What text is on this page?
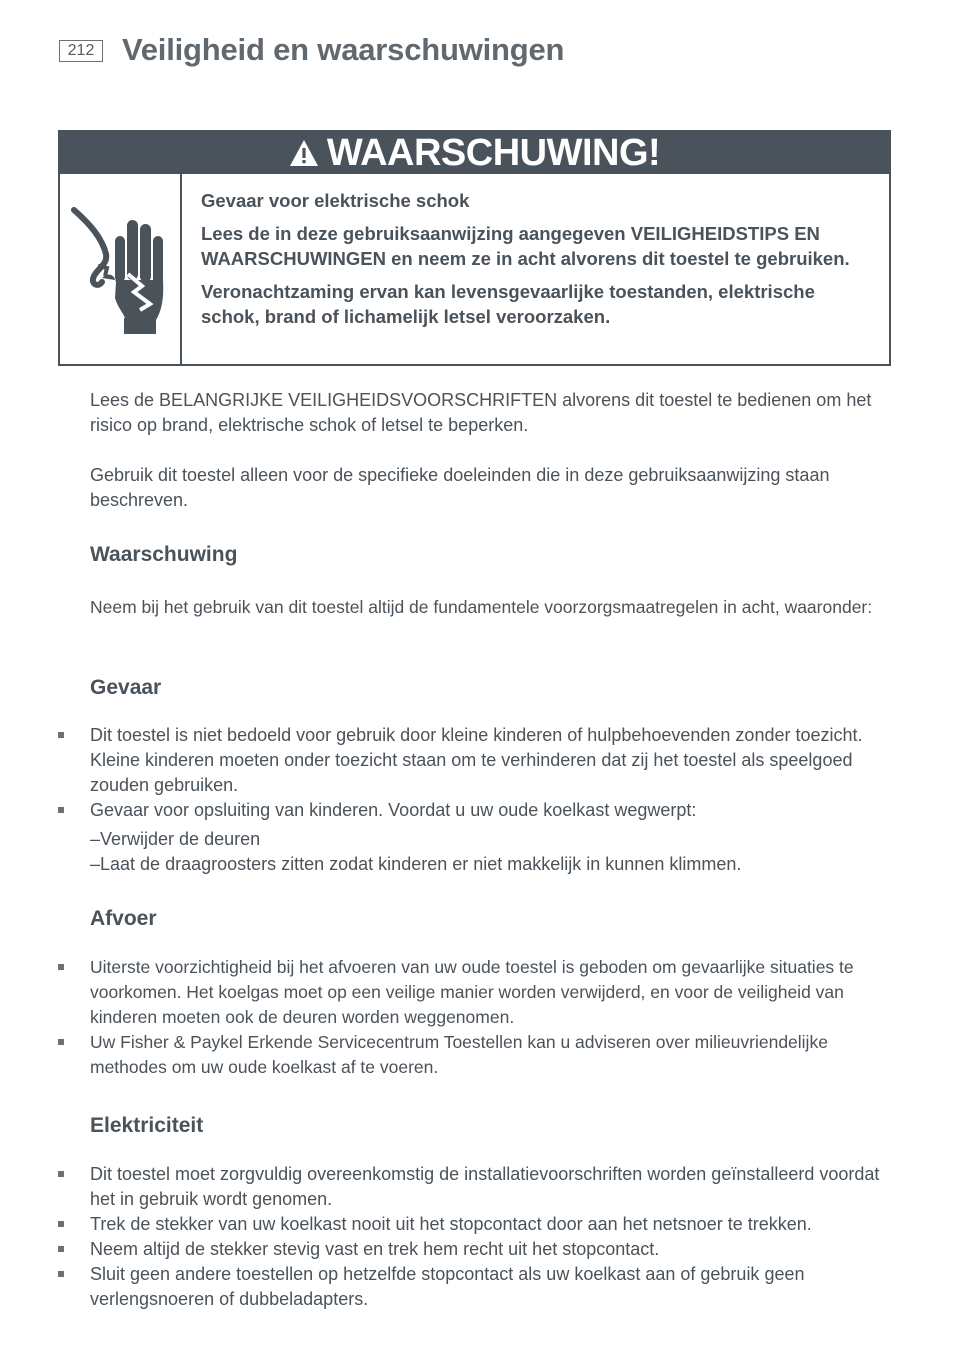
212 Veiligheid en waarschuwingen
WAARSCHUWING!

Gevaar voor elektrische schok

Lees de in deze gebruiksaanwijzing aangegeven VEILIGHEIDSTIPS EN WAARSCHUWINGEN en neem ze in acht alvorens dit toestel te gebruiken.

Veronachtzaming ervan kan levensgevaarlijke toestanden, elektrische schok, brand of lichamelijk letsel veroorzaken.

Lees de BELANGRIJKE VEILIGHEIDSVOORSCHRIFTEN alvorens dit toestel te bedienen om het risico op brand, elektrische schok of letsel te beperken.

Gebruik dit toestel alleen voor de specifieke doeleinden die in deze gebruiksaanwijzing staan beschreven.

Waarschuwing

Neem bij het gebruik van dit toestel altijd de fundamentele voorzorgsmaatregelen in acht, waaronder:

Gevaar
Dit toestel is niet bedoeld voor gebruik door kleine kinderen of hulpbehoevenden zonder toezicht. Kleine kinderen moeten onder toezicht staan om te verhinderen dat zij het toestel als speelgoed zouden gebruiken.
Gevaar voor opsluiting van kinderen. Voordat u uw oude koelkast wegwerpt:
–Verwijder de deuren
–Laat de draagroosters zitten zodat kinderen er niet makkelijk in kunnen klimmen.
Afvoer
Uiterste voorzichtigheid bij het afvoeren van uw oude toestel is geboden om gevaarlijke situaties te voorkomen. Het koelgas moet op een veilige manier worden verwijderd, en voor de veiligheid van kinderen moeten ook de deuren worden weggenomen.
Uw Fisher & Paykel Erkende Servicecentrum Toestellen kan u adviseren over milieuvriendelijke methodes om uw oude koelkast af te voeren.
Elektriciteit
Dit toestel moet zorgvuldig overeenkomstig de installatievoorschriften worden geïnstalleerd voordat het in gebruik wordt genomen.
Trek de stekker van uw koelkast nooit uit het stopcontact door aan het netsnoer te trekken.
Neem altijd de stekker stevig vast en trek hem recht uit het stopcontact.
Sluit geen andere toestellen op hetzelfde stopcontact als uw koelkast aan of gebruik geen verlengsnoeren of dubbeladapters.
